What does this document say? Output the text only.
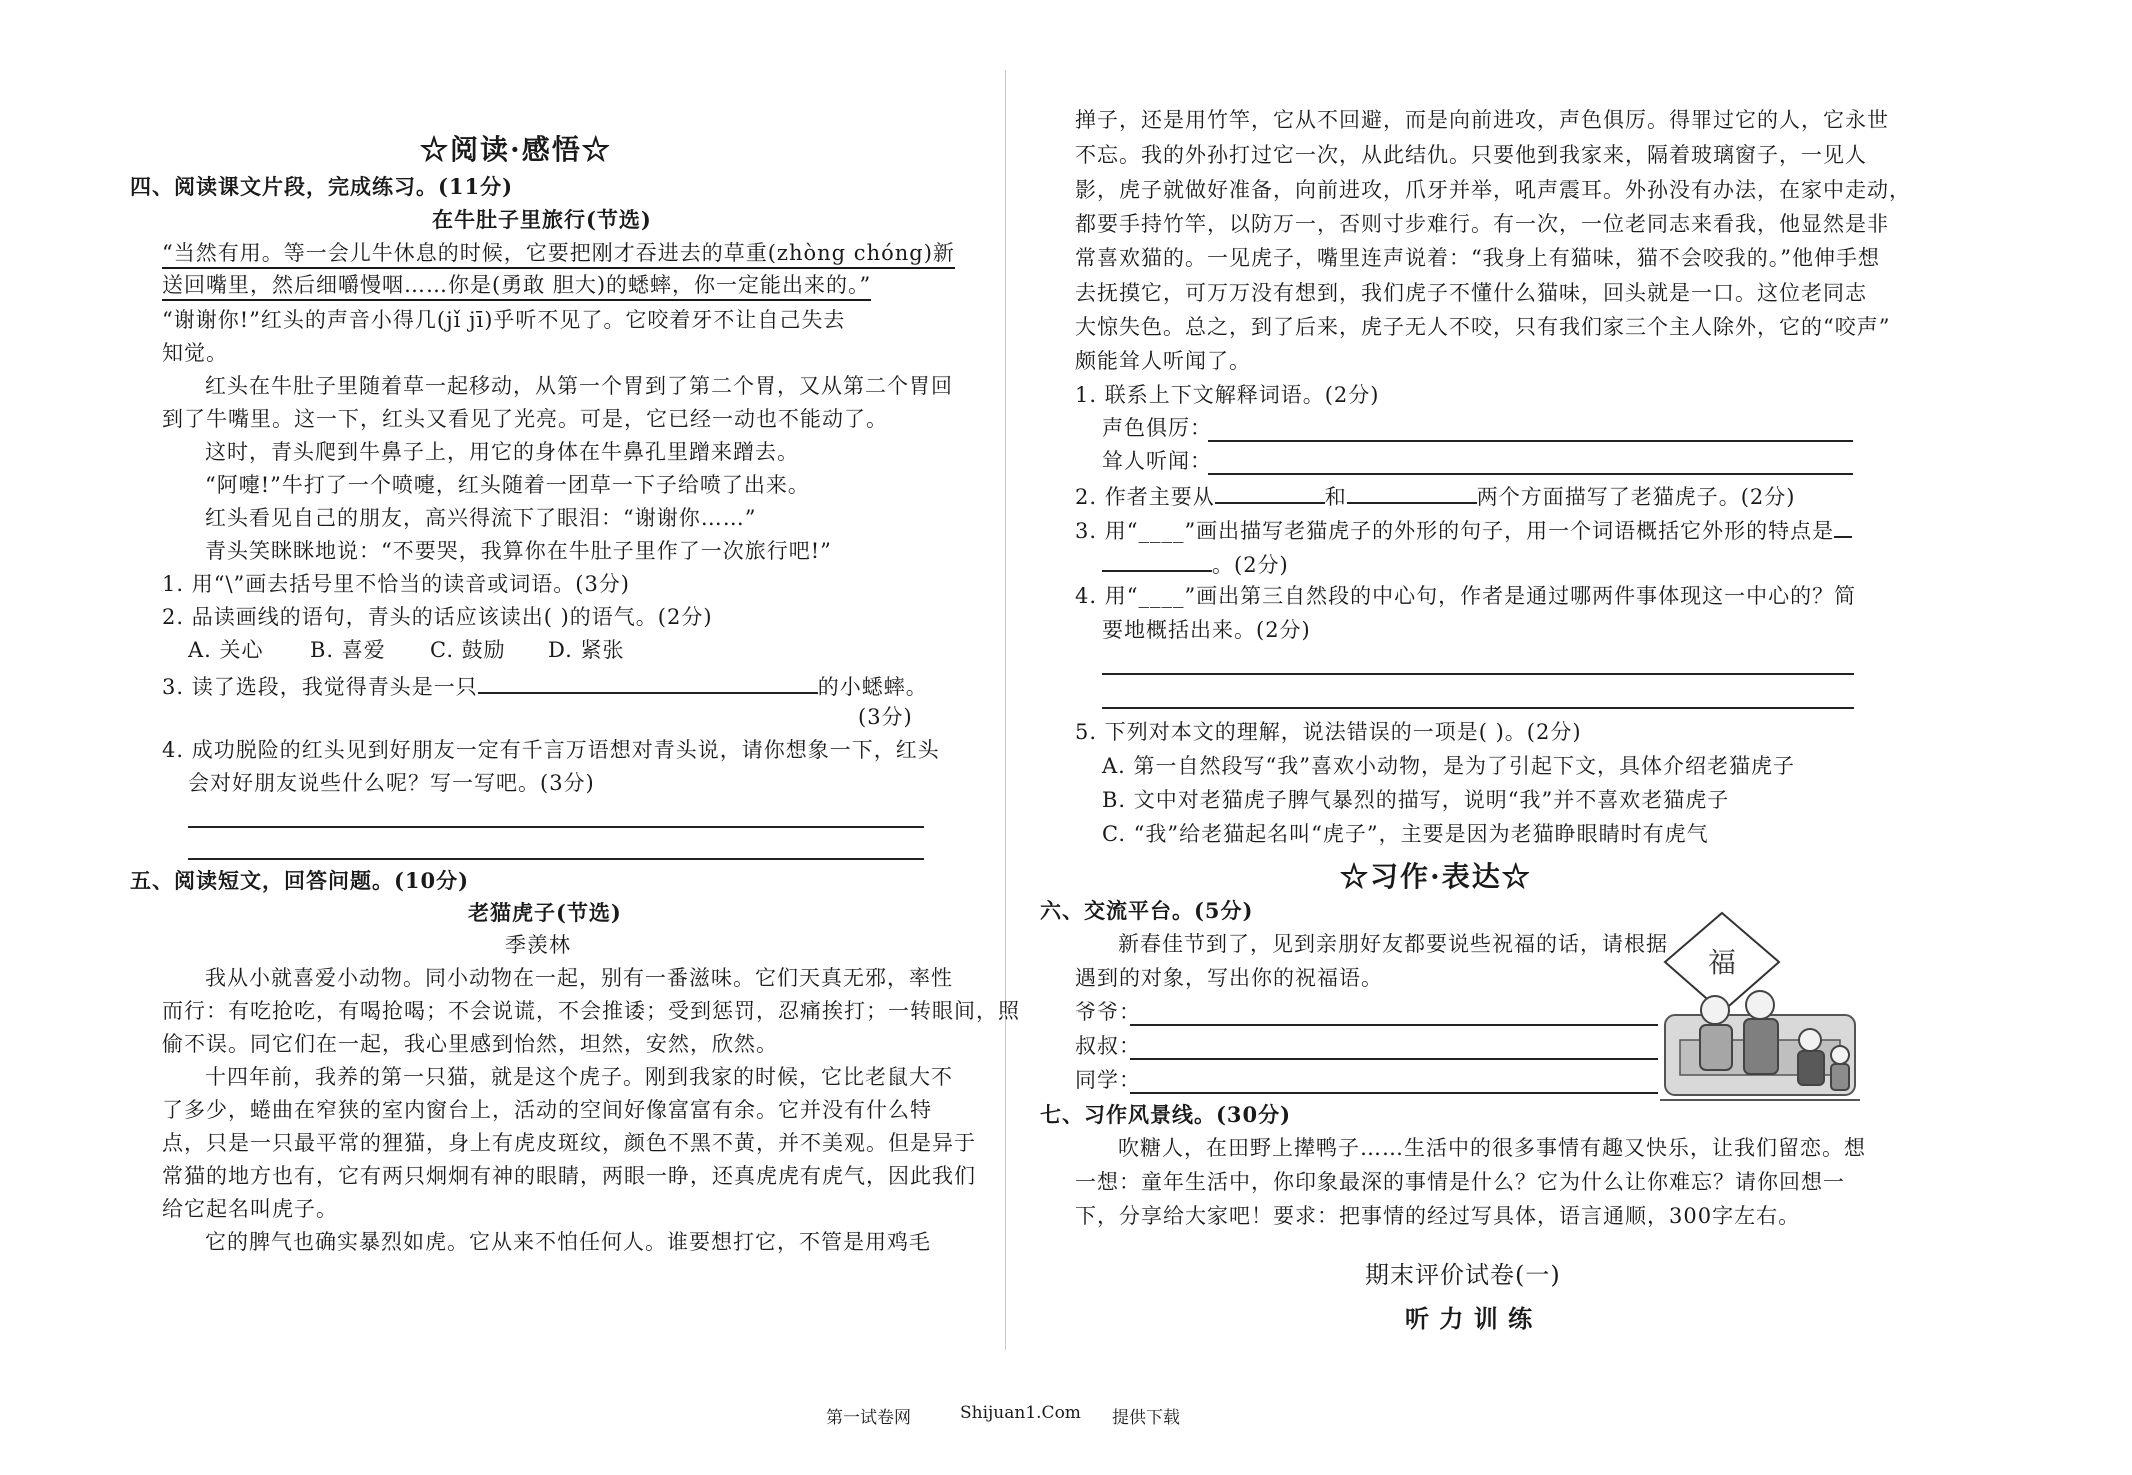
☆阅读·感悟☆
四、阅读课文片段，完成练习。(11分)
在牛肚子里旅行(节选)
“当然有用。等一会儿牛休息的时候，它要把刚才吞进去的草重(zhòng chóng)新
送回嘴里，然后细嚼慢咽……你是(勇敢 胆大)的蟋蟀，你一定能出来的。”
“谢谢你!”红头的声音小得几(jǐ jī)乎听不见了。它咬着牙不让自己失去
知觉。
红头在牛肚子里随着草一起移动，从第一个胃到了第二个胃，又从第二个胃回
到了牛嘴里。这一下，红头又看见了光亮。可是，它已经一动也不能动了。
这时，青头爬到牛鼻子上，用它的身体在牛鼻孔里蹭来蹭去。
“阿嚏!”牛打了一个喷嚏，红头随着一团草一下子给喷了出来。
红头看见自己的朋友，高兴得流下了眼泪：“谢谢你……”
青头笑眯眯地说：“不要哭，我算你在牛肚子里作了一次旅行吧!”
1. 用“\”画去括号里不恰当的读音或词语。(3分)
2. 品读画线的语句，青头的话应该读出( )的语气。(2分)
A. 关心 B. 喜爱 C. 鼓励 D. 紧张
3. 读了选段，我觉得青头是一只	的小蟋蟀。
(3分)
4. 成功脱险的红头见到好朋友一定有千言万语想对青头说，请你想象一下，红头
会对好朋友说些什么呢？写一写吧。(3分)
五、阅读短文，回答问题。(10分)
老猫虎子(节选)
季羡林
我从小就喜爱小动物。同小动物在一起，别有一番滋味。它们天真无邪，率性
而行：有吃抢吃，有喝抢喝；不会说谎，不会推诿；受到惩罚，忍痛挨打；一转眼间，照
偷不误。同它们在一起，我心里感到怡然，坦然，安然，欣然。
十四年前，我养的第一只猫，就是这个虎子。刚到我家的时候，它比老鼠大不
了多少，蜷曲在窄狭的室内窗台上，活动的空间好像富富有余。它并没有什么特
点，只是一只最平常的狸猫，身上有虎皮斑纹，颜色不黑不黄，并不美观。但是异于
常猫的地方也有，它有两只炯炯有神的眼睛，两眼一睁，还真虎虎有虎气，因此我们
给它起名叫虎子。
它的脾气也确实暴烈如虎。它从来不怕任何人。谁要想打它，不管是用鸡毛
掸子，还是用竹竿，它从不回避，而是向前进攻，声色俱厉。得罪过它的人，它永世
不忘。我的外孙打过它一次，从此结仇。只要他到我家来，隔着玻璃窗子，一见人
影，虎子就做好准备，向前进攻，爪牙并举，吼声震耳。外孙没有办法，在家中走动，
都要手持竹竿，以防万一，否则寸步难行。有一次，一位老同志来看我，他显然是非
常喜欢猫的。一见虎子，嘴里连声说着：“我身上有猫味，猫不会咬我的。”他伸手想
去抚摸它，可万万没有想到，我们虎子不懂什么猫味，回头就是一口。这位老同志
大惊失色。总之，到了后来，虎子无人不咬，只有我们家三个主人除外，它的“咬声”
颇能耸人听闻了。
1. 联系上下文解释词语。(2分)
声色俱厉：
耸人听闻：
2. 作者主要从	和	两个方面描写了老猫虎子。(2分)
3. 用“____”画出描写老猫虎子的外形的句子，用一个词语概括它外形的特点是
。(2分)
4. 用“____”画出第三自然段的中心句，作者是通过哪两件事体现这一中心的？简
要地概括出来。(2分)
5. 下列对本文的理解，说法错误的一项是( )。(2分)
A. 第一自然段写“我”喜欢小动物，是为了引起下文，具体介绍老猫虎子
B. 文中对老猫虎子脾气暴烈的描写，说明“我”并不喜欢老猫虎子
C. “我”给老猫起名叫“虎子”，主要是因为老猫睁眼睛时有虎气
☆习作·表达☆
六、交流平台。(5分)
新春佳节到了，见到亲朋好友都要说些祝福的话，请根据
遇到的对象，写出你的祝福语。
爷爷：
叔叔：
同学：
福
七、习作风景线。(30分)
吹糖人，在田野上撵鸭子……生活中的很多事情有趣又快乐，让我们留恋。想
一想：童年生活中，你印象最深的事情是什么？它为什么让你难忘？请你回想一
下，分享给大家吧！要求：把事情的经过写具体，语言通顺，300字左右。
期末评价试卷(一)
听 力 训 练
第一试卷网	Shijuan1.Com 提供下载
